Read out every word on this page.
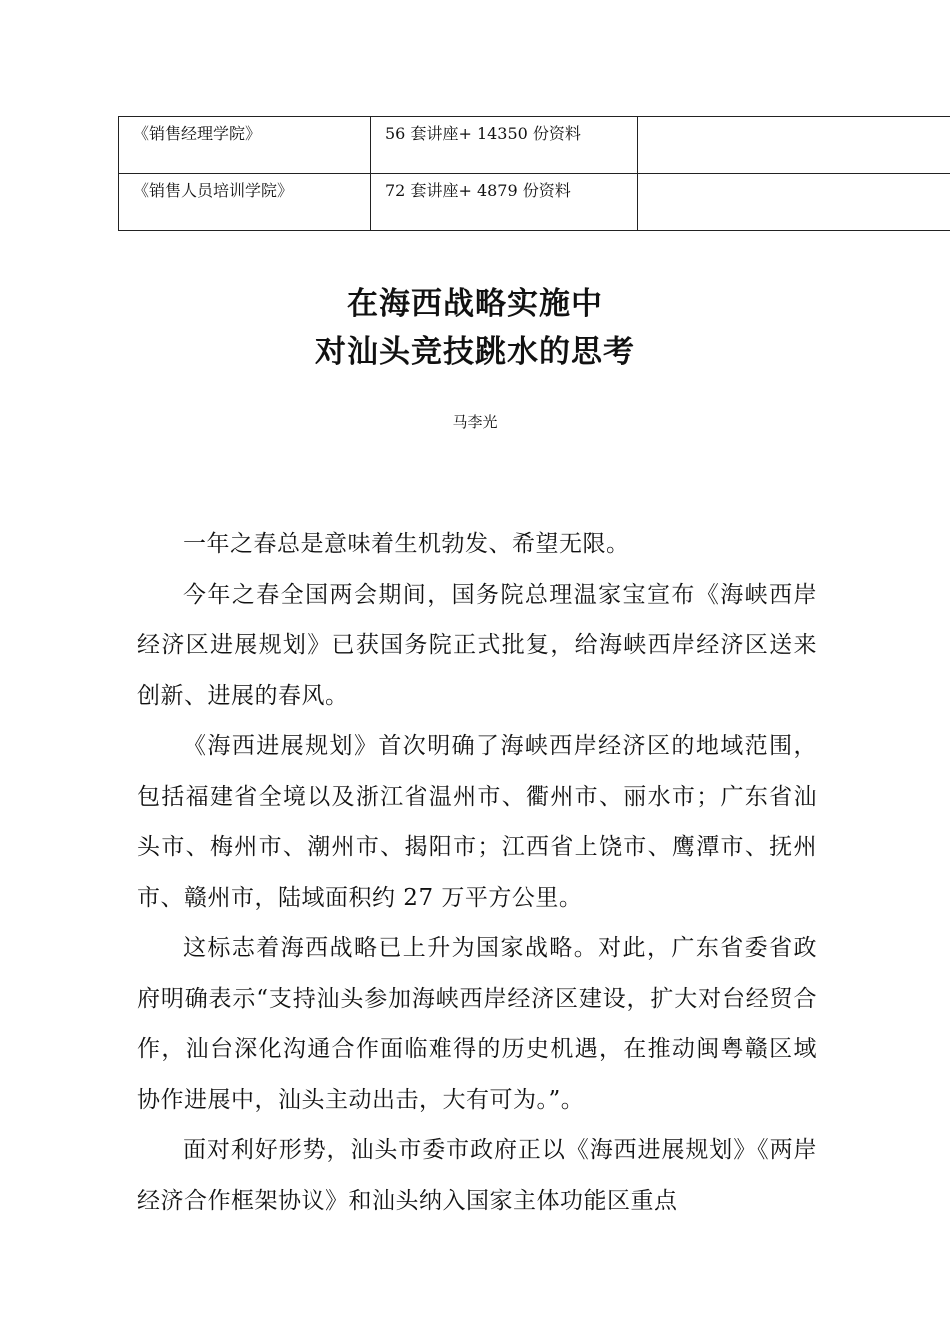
《销售经理学院》	56 套讲座+ 14350 份资料	
《销售人员培训学院》	72 套讲座+ 4879 份资料	
在海西战略实施中
对汕头竞技跳水的思考
马李光

一年之春总是意味着生机勃发、希望无限。

今年之春全国两会期间，国务院总理温家宝宣布《海峡西岸经济区进展规划》已获国务院正式批复，给海峡西岸经济区送来创新、进展的春风。

《海西进展规划》首次明确了海峡西岸经济区的地域范围，包括福建省全境以及浙江省温州市、衢州市、丽水市；广东省汕头市、梅州市、潮州市、揭阳市；江西省上饶市、鹰潭市、抚州市、赣州市，陆域面积约 27 万平方公里。

这标志着海西战略已上升为国家战略。对此，广东省委省政府明确表示“支持汕头参加海峡西岸经济区建设，扩大对台经贸合作，汕台深化沟通合作面临难得的历史机遇，在推动闽粤赣区域协作进展中，汕头主动出击，大有可为。”。

面对利好形势，汕头市委市政府正以《海西进展规划》《两岸经济合作框架协议》和汕头纳入国家主体功能区重点
